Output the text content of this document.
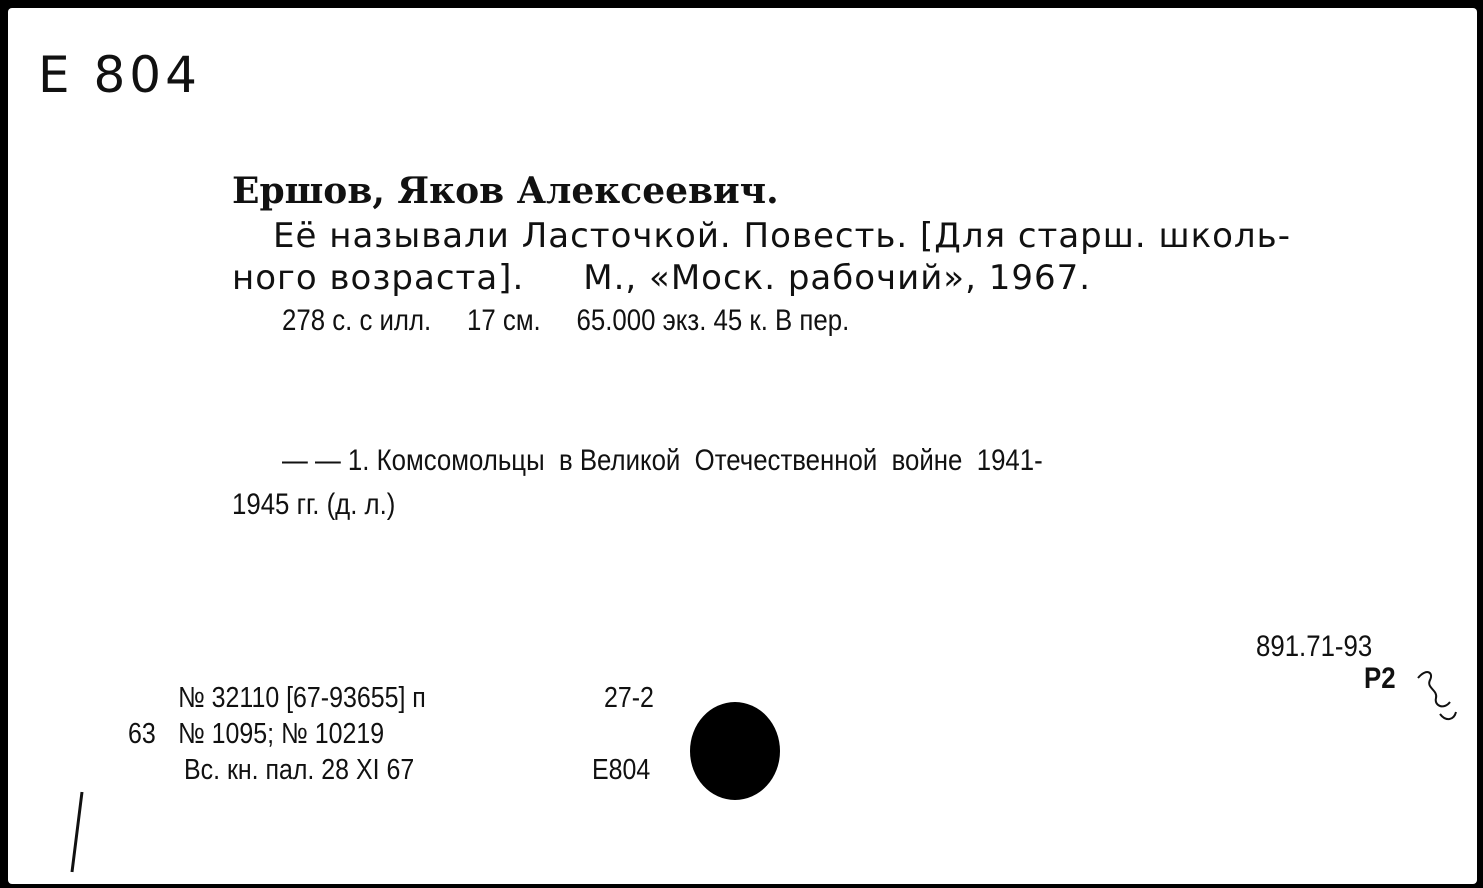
Е 804
Ершов, Яков Алексеевич.
Её называли Ласточкой. Повесть. [Для старш. школь-
ного возраста].     М., «Моск. рабочий», 1967.
278 с. с илл.     17 см.     65.000 экз. 45 к. В пер.
— — 1. Комсомольцы  в Великой  Отечественной  войне  1941-
1945 гг. (д. л.)
891.71-93
Р2
№ 32110 [67-93655] п	27-2
63 № 1095; № 10219
Вс. кн. пал. 28 XI 67	Е804
